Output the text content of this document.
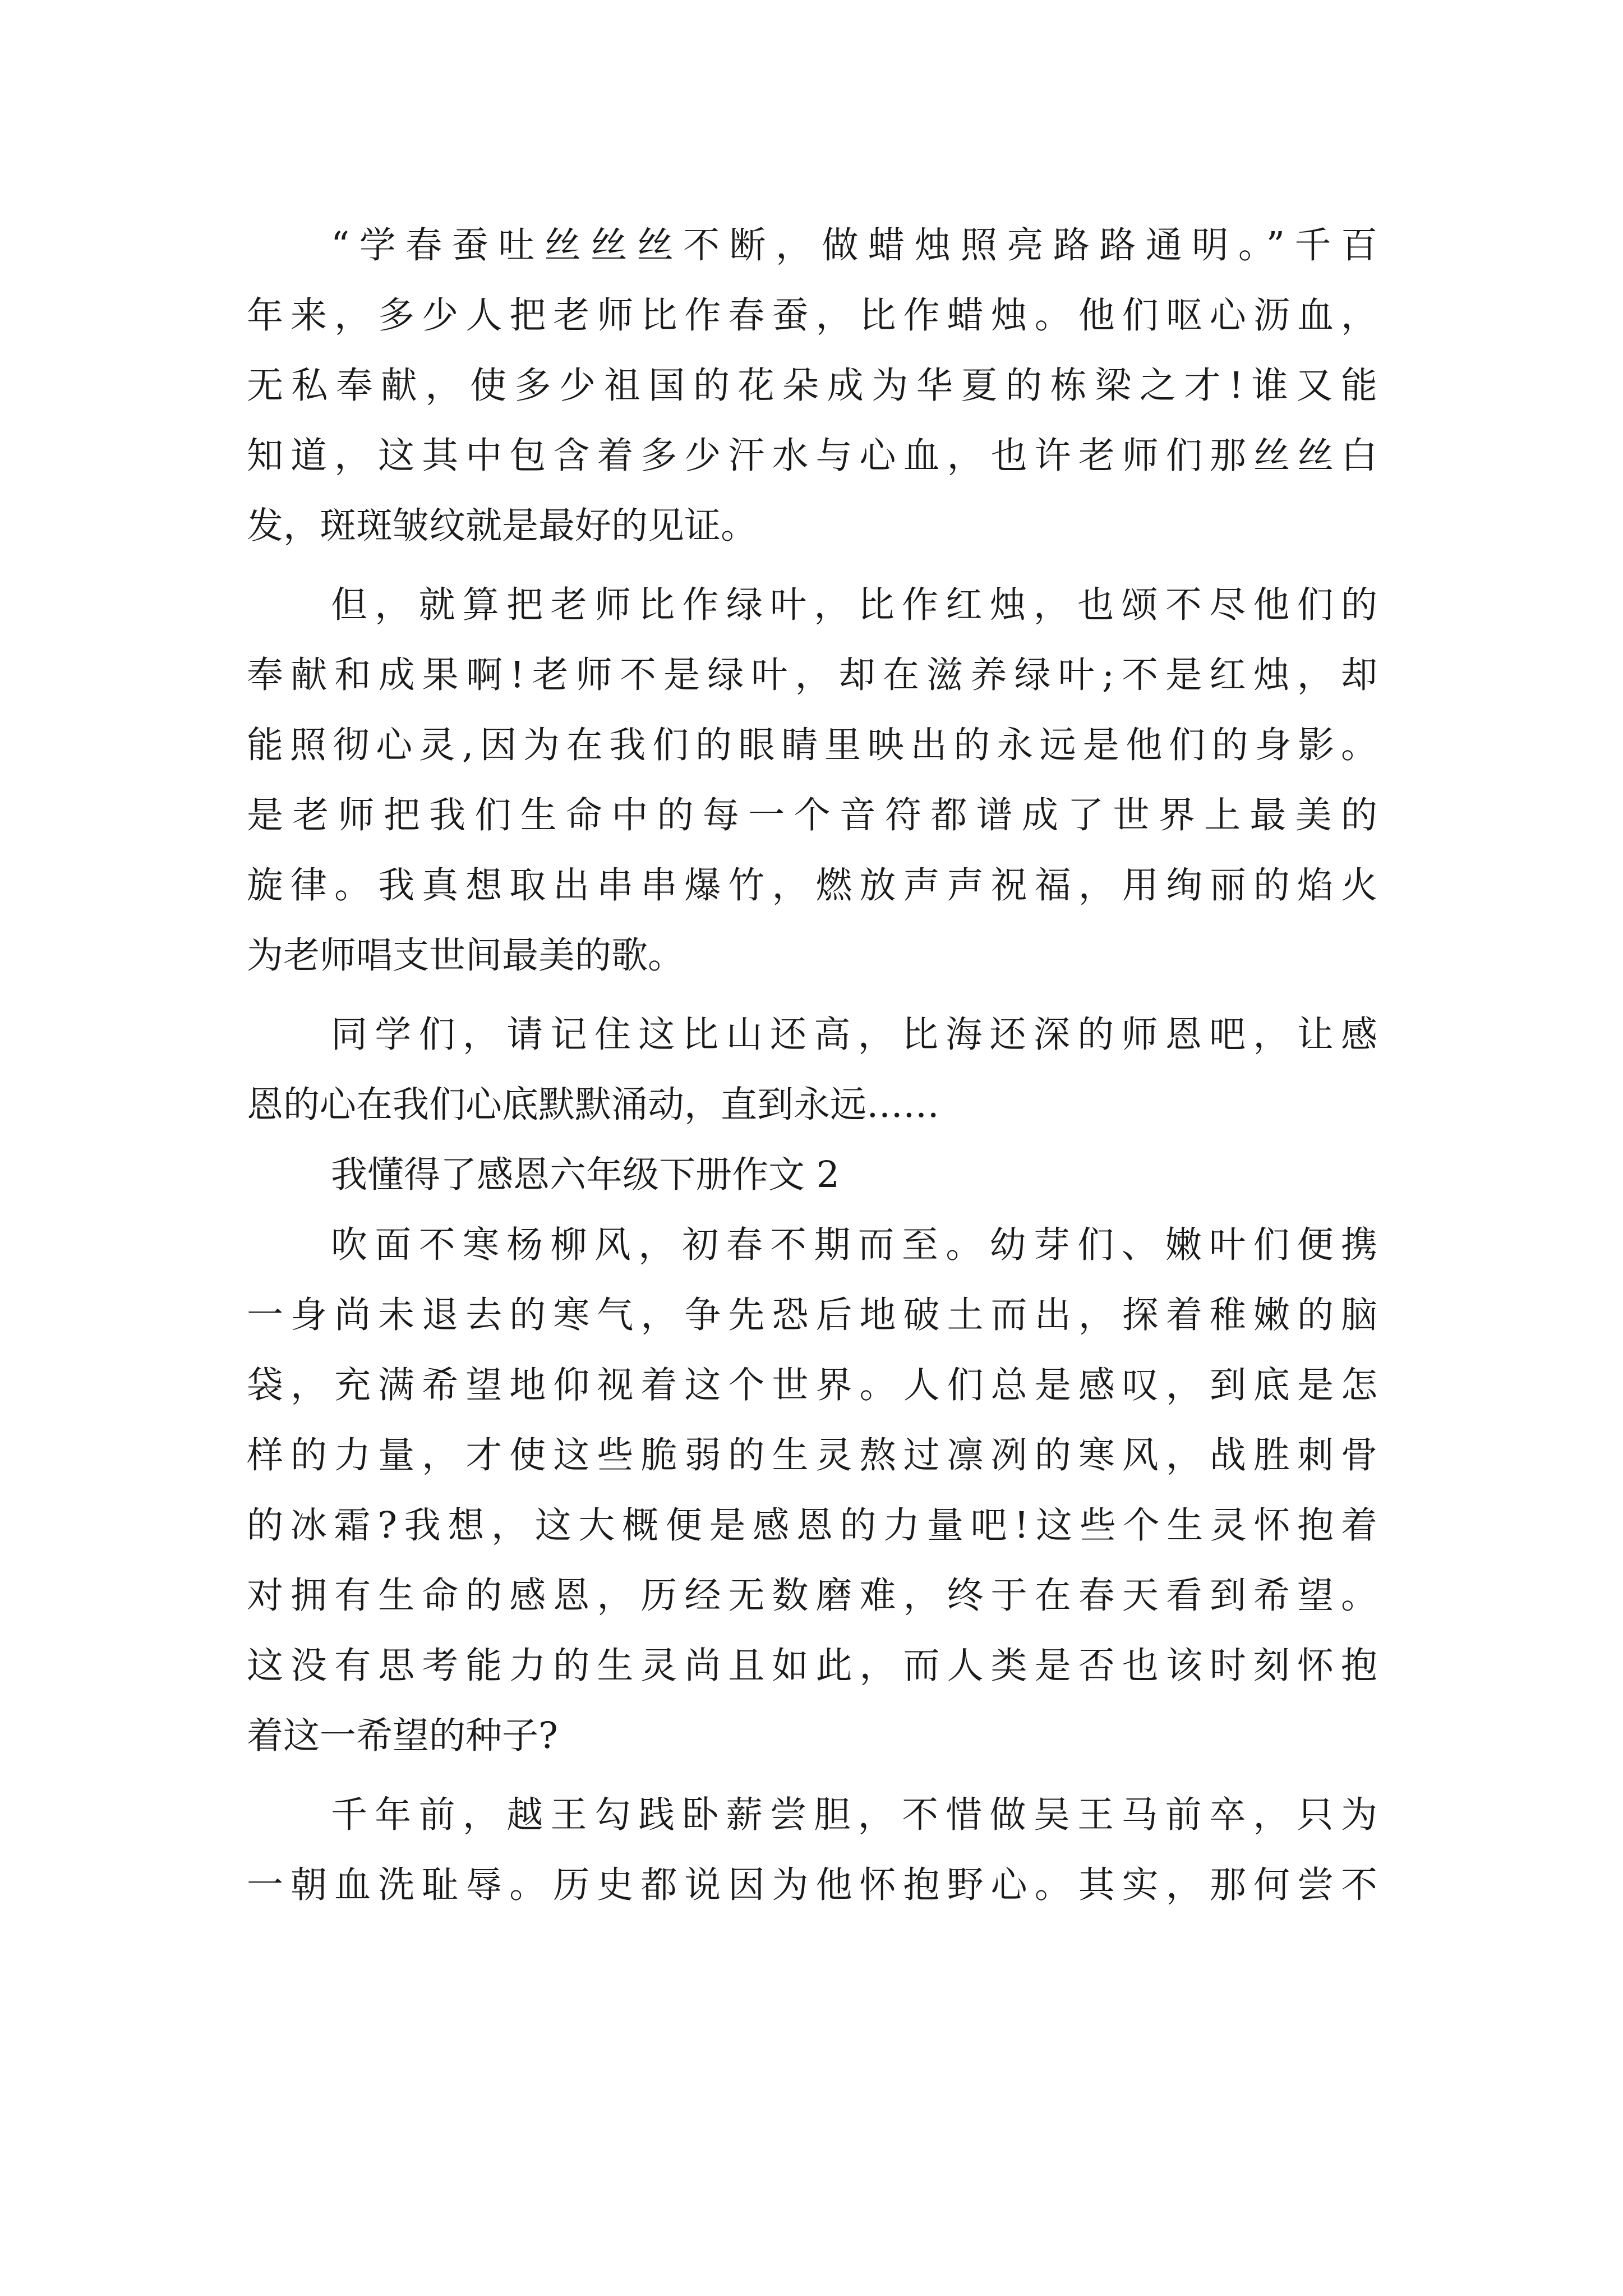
“学春蚕吐丝丝丝不断，做蜡烛照亮路路通明。”千百
年来，多少人把老师比作春蚕，比作蜡烛。他们呕心沥血，
无私奉献，使多少祖国的花朵成为华夏的栋梁之才!谁又能
知道，这其中包含着多少汗水与心血，也许老师们那丝丝白
发，斑斑皱纹就是最好的见证。
但，就算把老师比作绿叶，比作红烛，也颂不尽他们的
奉献和成果啊!老师不是绿叶，却在滋养绿叶;不是红烛，却
能照彻心灵,因为在我们的眼睛里映出的永远是他们的身影。
是老师把我们生命中的每一个音符都谱成了世界上最美的
旋律。我真想取出串串爆竹，燃放声声祝福，用绚丽的焰火
为老师唱支世间最美的歌。
同学们，请记住这比山还高，比海还深的师恩吧，让感
恩的心在我们心底默默涌动，直到永远……
我懂得了感恩六年级下册作文 2
吹面不寒杨柳风，初春不期而至。幼芽们、嫩叶们便携
一身尚未退去的寒气，争先恐后地破土而出，探着稚嫩的脑
袋，充满希望地仰视着这个世界。人们总是感叹，到底是怎
样的力量，才使这些脆弱的生灵熬过凛冽的寒风，战胜刺骨
的冰霜?我想，这大概便是感恩的力量吧!这些个生灵怀抱着
对拥有生命的感恩，历经无数磨难，终于在春天看到希望。
这没有思考能力的生灵尚且如此，而人类是否也该时刻怀抱
着这一希望的种子?
千年前，越王勾践卧薪尝胆，不惜做吴王马前卒，只为
一朝血洗耻辱。历史都说因为他怀抱野心。其实，那何尝不
